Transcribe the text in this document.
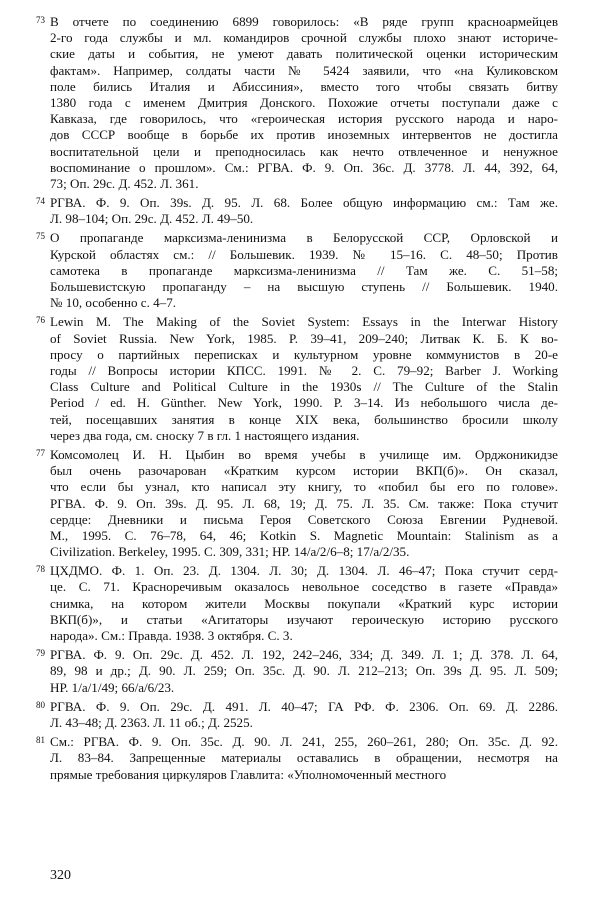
73 В отчете по соединению 6899 говорилось: «В ряде групп красноармейцев
2-го года службы и мл. командиров срочной службы плохо знают историче-
ские даты и события, не умеют давать политической оценки историческим
фактам». Например, солдаты части № 5424 заявили, что «на Куликовском
поле бились Италия и Абиссиния», вместо того чтобы связать битву
1380 года с именем Дмитрия Донского. Похожие отчеты поступали даже с
Кавказа, где говорилось, что «героическая история русского народа и наро-
дов СССР вообще в борьбе их против иноземных интервентов не достигла
воспитательной цели и преподносилась как нечто отвлеченное и ненужное
воспоминание о прошлом». См.: РГВА. Ф. 9. Оп. 36с. Д. 3778. Л. 44, 392, 64,
73; Оп. 29с. Д. 452. Л. 361.
74 РГВА. Ф. 9. Оп. 39s. Д. 95. Л. 68. Более общую информацию см.: Там же.
Л. 98–104; Оп. 29с. Д. 452. Л. 49–50.
75 О пропаганде марксизма-ленинизма в Белорусской ССР, Орловской и
Курской областях см.: // Большевик. 1939. № 15–16. С. 48–50; Против
самотека в пропаганде марксизма-ленинизма // Там же. С. 51–58;
Большевистскую пропаганду – на высшую ступень // Большевик. 1940.
№ 10, особенно с. 4–7.
76 Lewin M. The Making of the Soviet System: Essays in the Interwar History
of Soviet Russia. New York, 1985. P. 39–41, 209–240; Литвак К. Б. К во-
просу о партийных переписках и культурном уровне коммунистов в 20-е
годы // Вопросы истории КПСС. 1991. № 2. С. 79–92; Barber J. Working
Class Culture and Political Culture in the 1930s // The Culture of the Stalin
Period / ed. H. Günther. New York, 1990. P. 3–14. Из небольшого числа де-
тей, посещавших занятия в конце XIX века, большинство бросили школу
через два года, см. сноску 7 в гл. 1 настоящего издания.
77 Комсомолец И. Н. Цыбин во время учебы в училище им. Орджоникидзе
был очень разочарован «Кратким курсом истории ВКП(б)». Он сказал,
что если бы узнал, кто написал эту книгу, то «побил бы его по голове».
РГВА. Ф. 9. Оп. 39s. Д. 95. Л. 68, 19; Д. 75. Л. 35. См. также: Пока стучит
сердце: Дневники и письма Героя Советского Союза Евгении Рудневой.
М., 1995. С. 76–78, 64, 46; Kotkin S. Magnetic Mountain: Stalinism as a
Civilization. Berkeley, 1995. С. 309, 331; НР. 14/а/2/6–8; 17/а/2/35.
78 ЦХДМО. Ф. 1. Оп. 23. Д. 1304. Л. 30; Д. 1304. Л. 46–47; Пока стучит серд-
це. С. 71. Красноречивым оказалось невольное соседство в газете «Правда»
снимка, на котором жители Москвы покупали «Краткий курс истории
ВКП(б)», и статьи «Агитаторы изучают героическую историю русского
народа». См.: Правда. 1938. 3 октября. С. 3.
79 РГВА. Ф. 9. Оп. 29с. Д. 452. Л. 192, 242–246, 334; Д. 349. Л. 1; Д. 378. Л. 64,
89, 98 и др.; Д. 90. Л. 259; Оп. 35с. Д. 90. Л. 212–213; Оп. 39s Д. 95. Л. 509;
НР. 1/а/1/49; 66/а/6/23.
80 РГВА. Ф. 9. Оп. 29с. Д. 491. Л. 40–47; ГА РФ. Ф. 2306. Оп. 69. Д. 2286.
Л. 43–48; Д. 2363. Л. 11 об.; Д. 2525.
81 См.: РГВА. Ф. 9. Оп. 35с. Д. 90. Л. 241, 255, 260–261, 280; Оп. 35с. Д. 92.
Л. 83–84. Запрещенные материалы оставались в обращении, несмотря на
прямые требования циркуляров Главлита: «Уполномоченный местного
320
